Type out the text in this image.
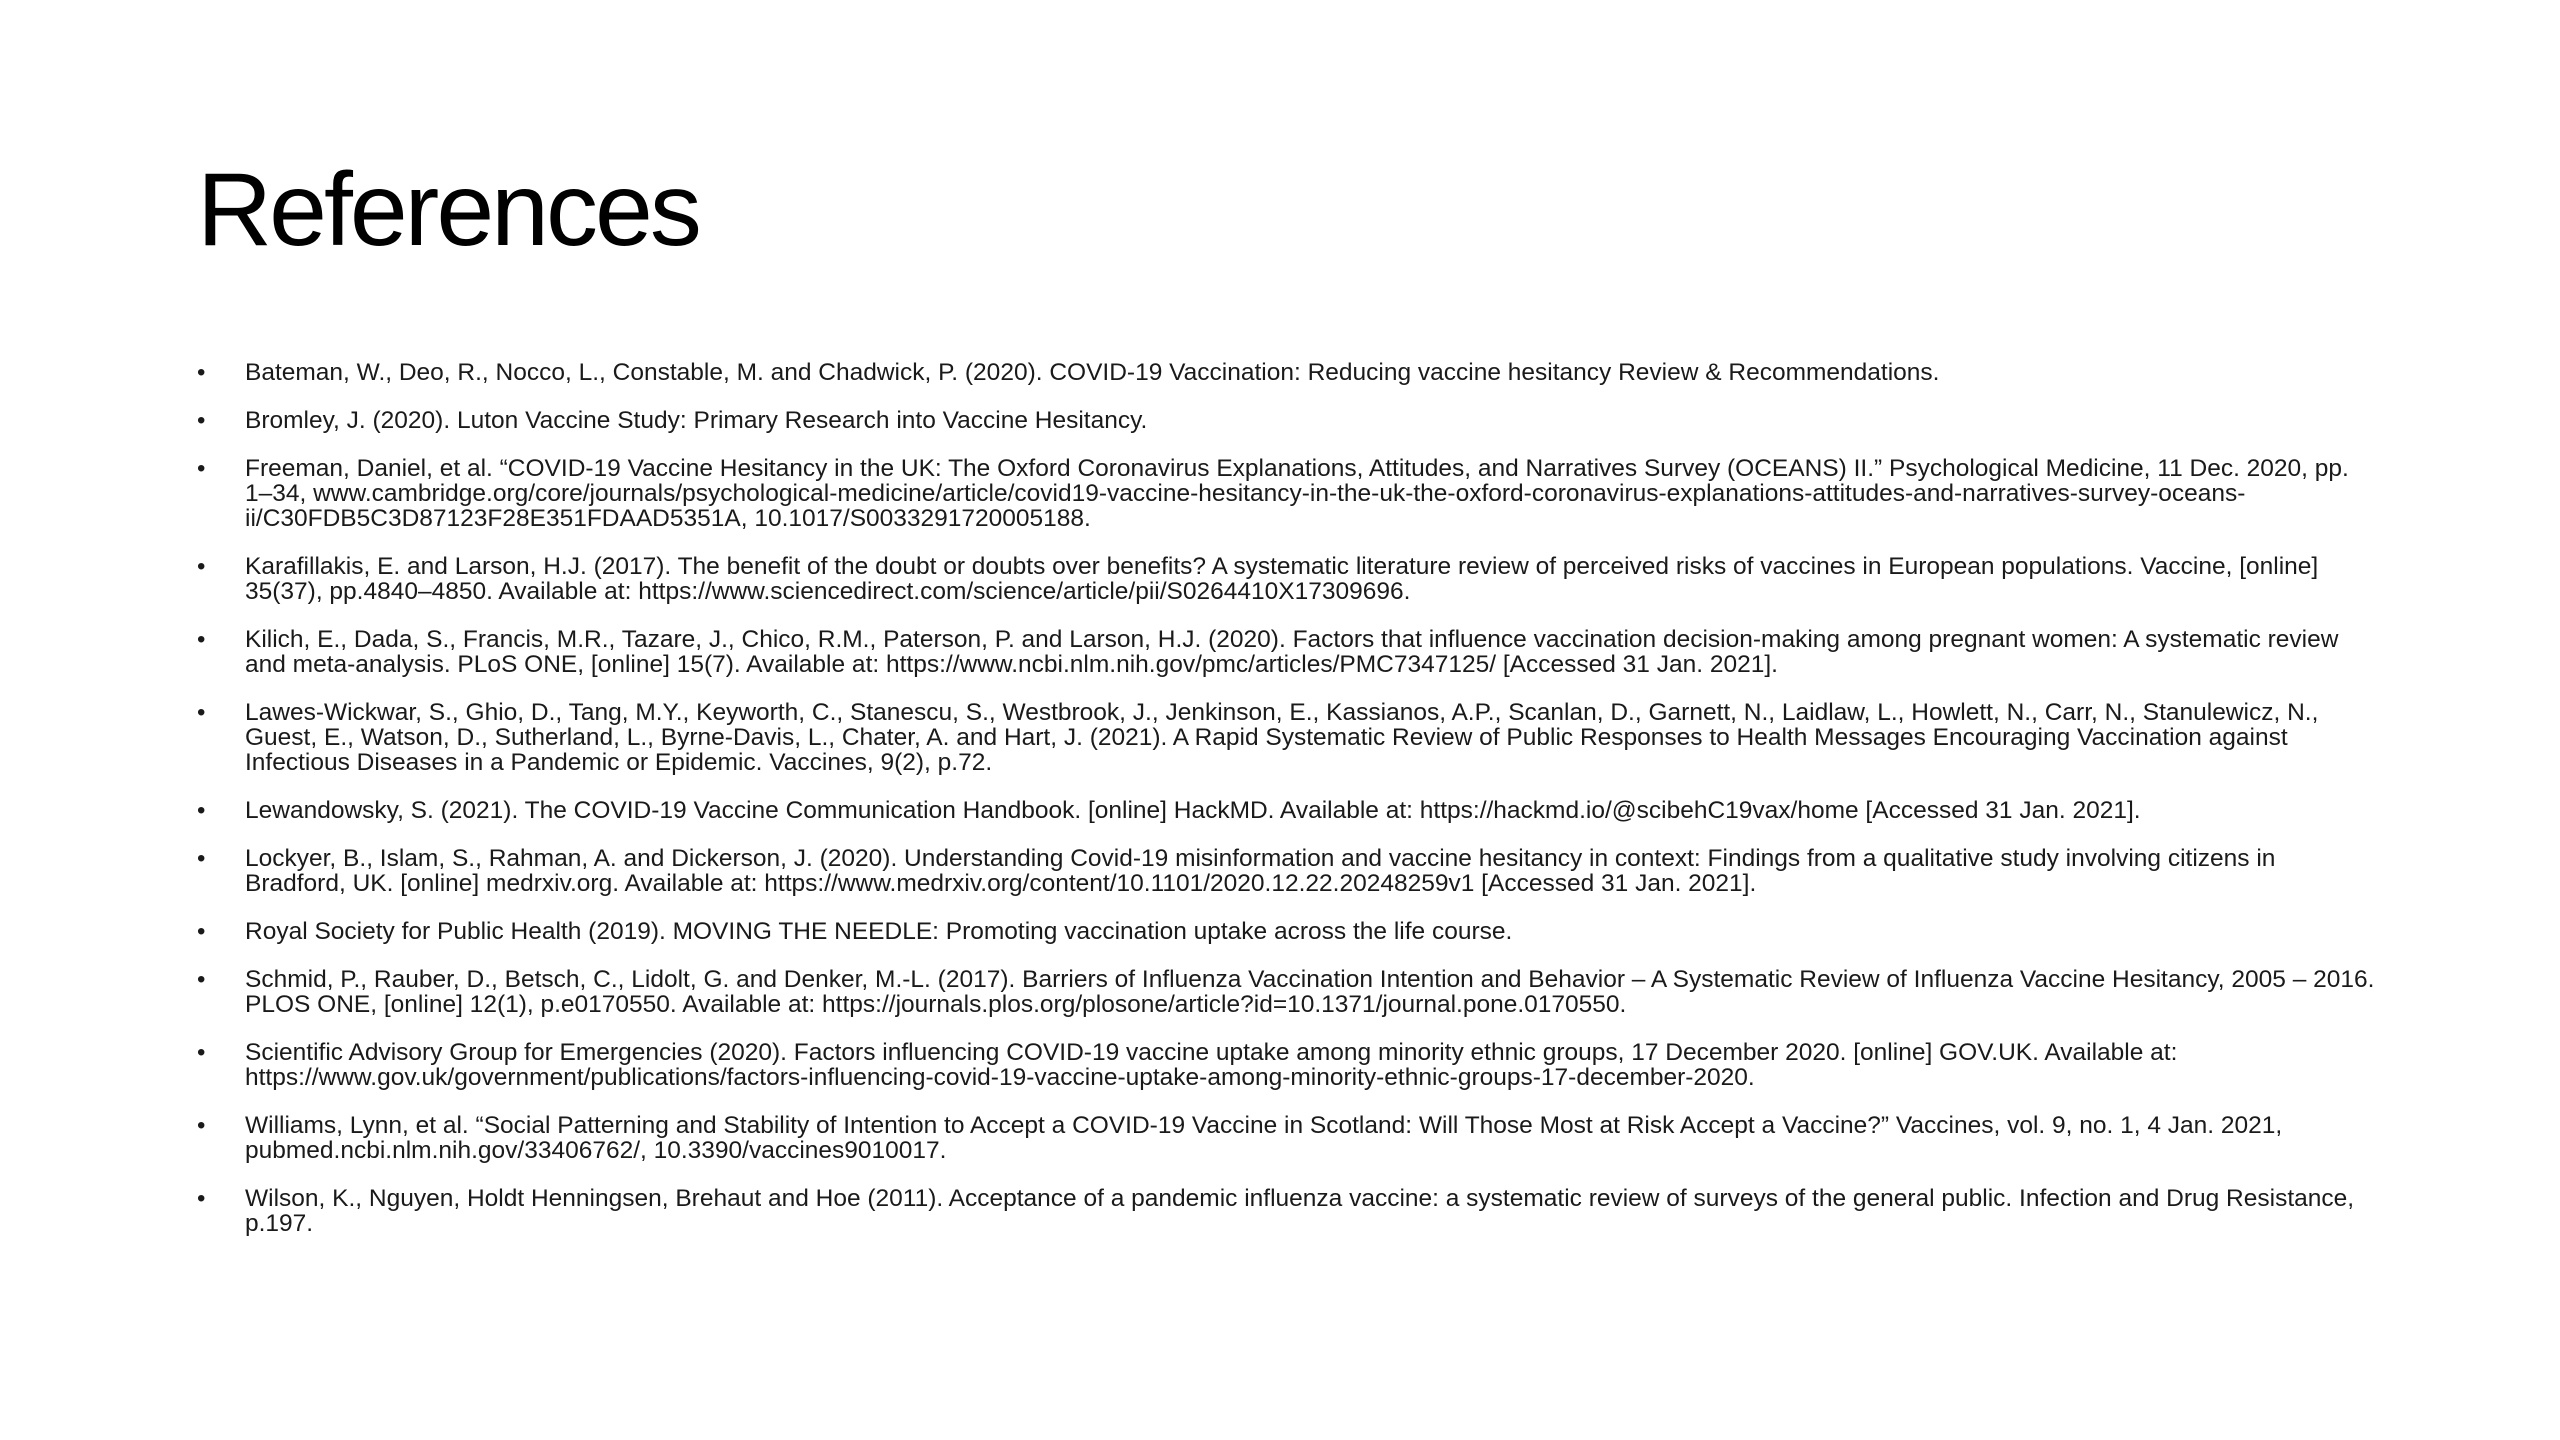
References
•	Bateman, W., Deo, R., Nocco, L., Constable, M. and Chadwick, P. (2020). COVID-19 Vaccination: Reducing vaccine hesitancy Review & Recommendations.
•	Bromley, J. (2020). Luton Vaccine Study: Primary Research into Vaccine Hesitancy.
•	Freeman, Daniel, et al. “COVID-19 Vaccine Hesitancy in the UK: The Oxford Coronavirus Explanations, Attitudes, and Narratives Survey (OCEANS) II.” Psychological Medicine, 11 Dec. 2020, pp. 1–34, www.cambridge.org/core/journals/psychological-medicine/article/covid19-vaccine-hesitancy-in-the-uk-the-oxford-coronavirus-explanations-attitudes-and-narratives-survey-oceans-ii/C30FDB5C3D87123F28E351FDAAD5351A, 10.1017/S0033291720005188.
•	Karafillakis, E. and Larson, H.J. (2017). The benefit of the doubt or doubts over benefits? A systematic literature review of perceived risks of vaccines in European populations. Vaccine, [online] 35(37), pp.4840–4850. Available at: https://www.sciencedirect.com/science/article/pii/S0264410X17309696.
•	Kilich, E., Dada, S., Francis, M.R., Tazare, J., Chico, R.M., Paterson, P. and Larson, H.J. (2020). Factors that influence vaccination decision-making among pregnant women: A systematic review and meta-analysis. PLoS ONE, [online] 15(7). Available at: https://www.ncbi.nlm.nih.gov/pmc/articles/PMC7347125/ [Accessed 31 Jan. 2021].
•	Lawes-Wickwar, S., Ghio, D., Tang, M.Y., Keyworth, C., Stanescu, S., Westbrook, J., Jenkinson, E., Kassianos, A.P., Scanlan, D., Garnett, N., Laidlaw, L., Howlett, N., Carr, N., Stanulewicz, N., Guest, E., Watson, D., Sutherland, L., Byrne-Davis, L., Chater, A. and Hart, J. (2021). A Rapid Systematic Review of Public Responses to Health Messages Encouraging Vaccination against Infectious Diseases in a Pandemic or Epidemic. Vaccines, 9(2), p.72.
•	Lewandowsky, S. (2021). The COVID-19 Vaccine Communication Handbook. [online] HackMD. Available at: https://hackmd.io/@scibehC19vax/home [Accessed 31 Jan. 2021].
•	Lockyer, B., Islam, S., Rahman, A. and Dickerson, J. (2020). Understanding Covid-19 misinformation and vaccine hesitancy in context: Findings from a qualitative study involving citizens in Bradford, UK. [online] medrxiv.org. Available at: https://www.medrxiv.org/content/10.1101/2020.12.22.20248259v1 [Accessed 31 Jan. 2021].
•	Royal Society for Public Health (2019). MOVING THE NEEDLE: Promoting vaccination uptake across the life course.
•	Schmid, P., Rauber, D., Betsch, C., Lidolt, G. and Denker, M.-L. (2017). Barriers of Influenza Vaccination Intention and Behavior – A Systematic Review of Influenza Vaccine Hesitancy, 2005 – 2016. PLOS ONE, [online] 12(1), p.e0170550. Available at: https://journals.plos.org/plosone/article?id=10.1371/journal.pone.0170550.
•	Scientific Advisory Group for Emergencies (2020). Factors influencing COVID-19 vaccine uptake among minority ethnic groups, 17 December 2020. [online] GOV.UK. Available at: https://www.gov.uk/government/publications/factors-influencing-covid-19-vaccine-uptake-among-minority-ethnic-groups-17-december-2020.
•	Williams, Lynn, et al. “Social Patterning and Stability of Intention to Accept a COVID-19 Vaccine in Scotland: Will Those Most at Risk Accept a Vaccine?” Vaccines, vol. 9, no. 1, 4 Jan. 2021, pubmed.ncbi.nlm.nih.gov/33406762/, 10.3390/vaccines9010017.
•	Wilson, K., Nguyen, Holdt Henningsen, Brehaut and Hoe (2011). Acceptance of a pandemic influenza vaccine: a systematic review of surveys of the general public. Infection and Drug Resistance, p.197.
